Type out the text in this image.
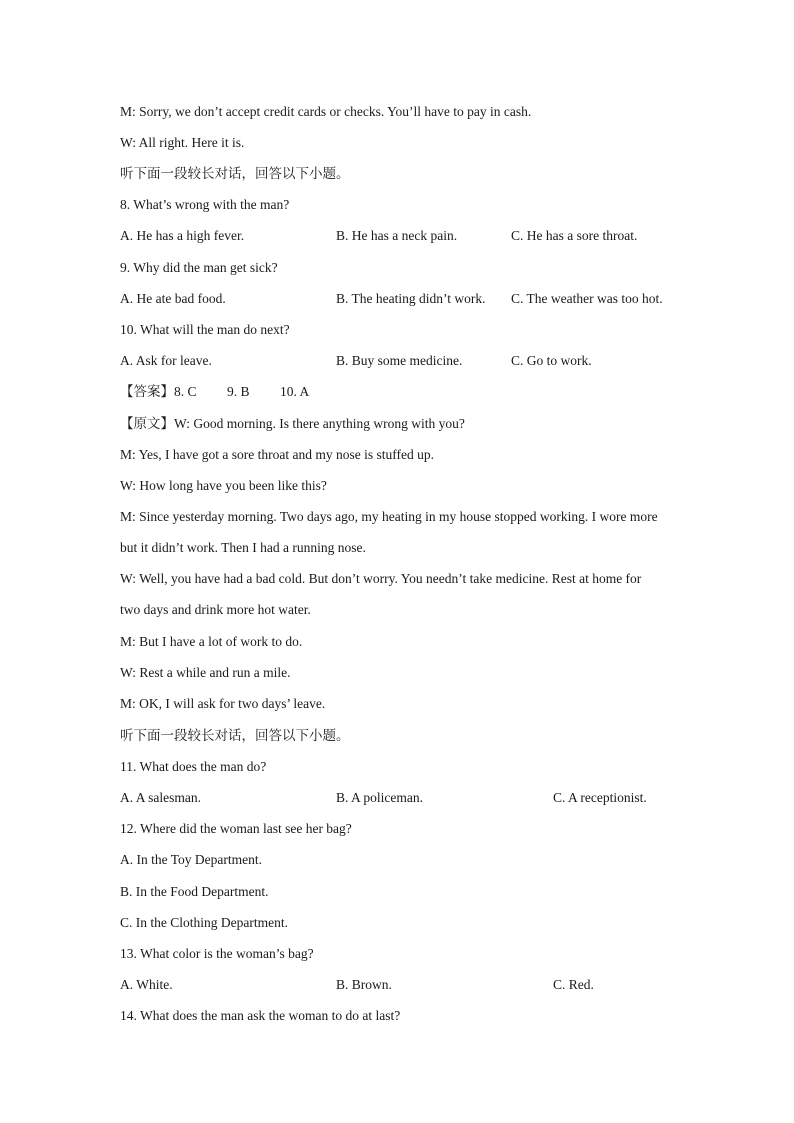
M: Sorry, we don’t accept credit cards or checks. You’ll have to pay in cash.
W: All right. Here it is.
听下面一段较长对话，回答以下小题。
8. What’s wrong with the man?
A. He has a high fever.	B. He has a neck pain.	C. He has a sore throat.
9. Why did the man get sick?
A. He ate bad food.	B. The heating didn’t work. C. The weather was too hot.
10. What will the man do next?
A. Ask for leave.	B. Buy some medicine.	C. Go to work.
【答案】8. C 9. B 10. A
【原文】W: Good morning. Is there anything wrong with you?
M: Yes, I have got a sore throat and my nose is stuffed up.
W: How long have you been like this?
M: Since yesterday morning. Two days ago, my heating in my house stopped working. I wore more
but it didn’t work. Then I had a running nose.
W: Well, you have had a bad cold. But don’t worry. You needn’t take medicine. Rest at home for
two days and drink more hot water.
M: But I have a lot of work to do.
W: Rest a while and run a mile.
M: OK, I will ask for two days’ leave.
听下面一段较长对话，回答以下小题。
11. What does the man do?
A. A salesman.	B. A policeman.	C. A receptionist.
12. Where did the woman last see her bag?
A. In the Toy Department.
B. In the Food Department.
C. In the Clothing Department.
13. What color is the woman’s bag?
A. White.	B. Brown.	C. Red.
14. What does the man ask the woman to do at last?
